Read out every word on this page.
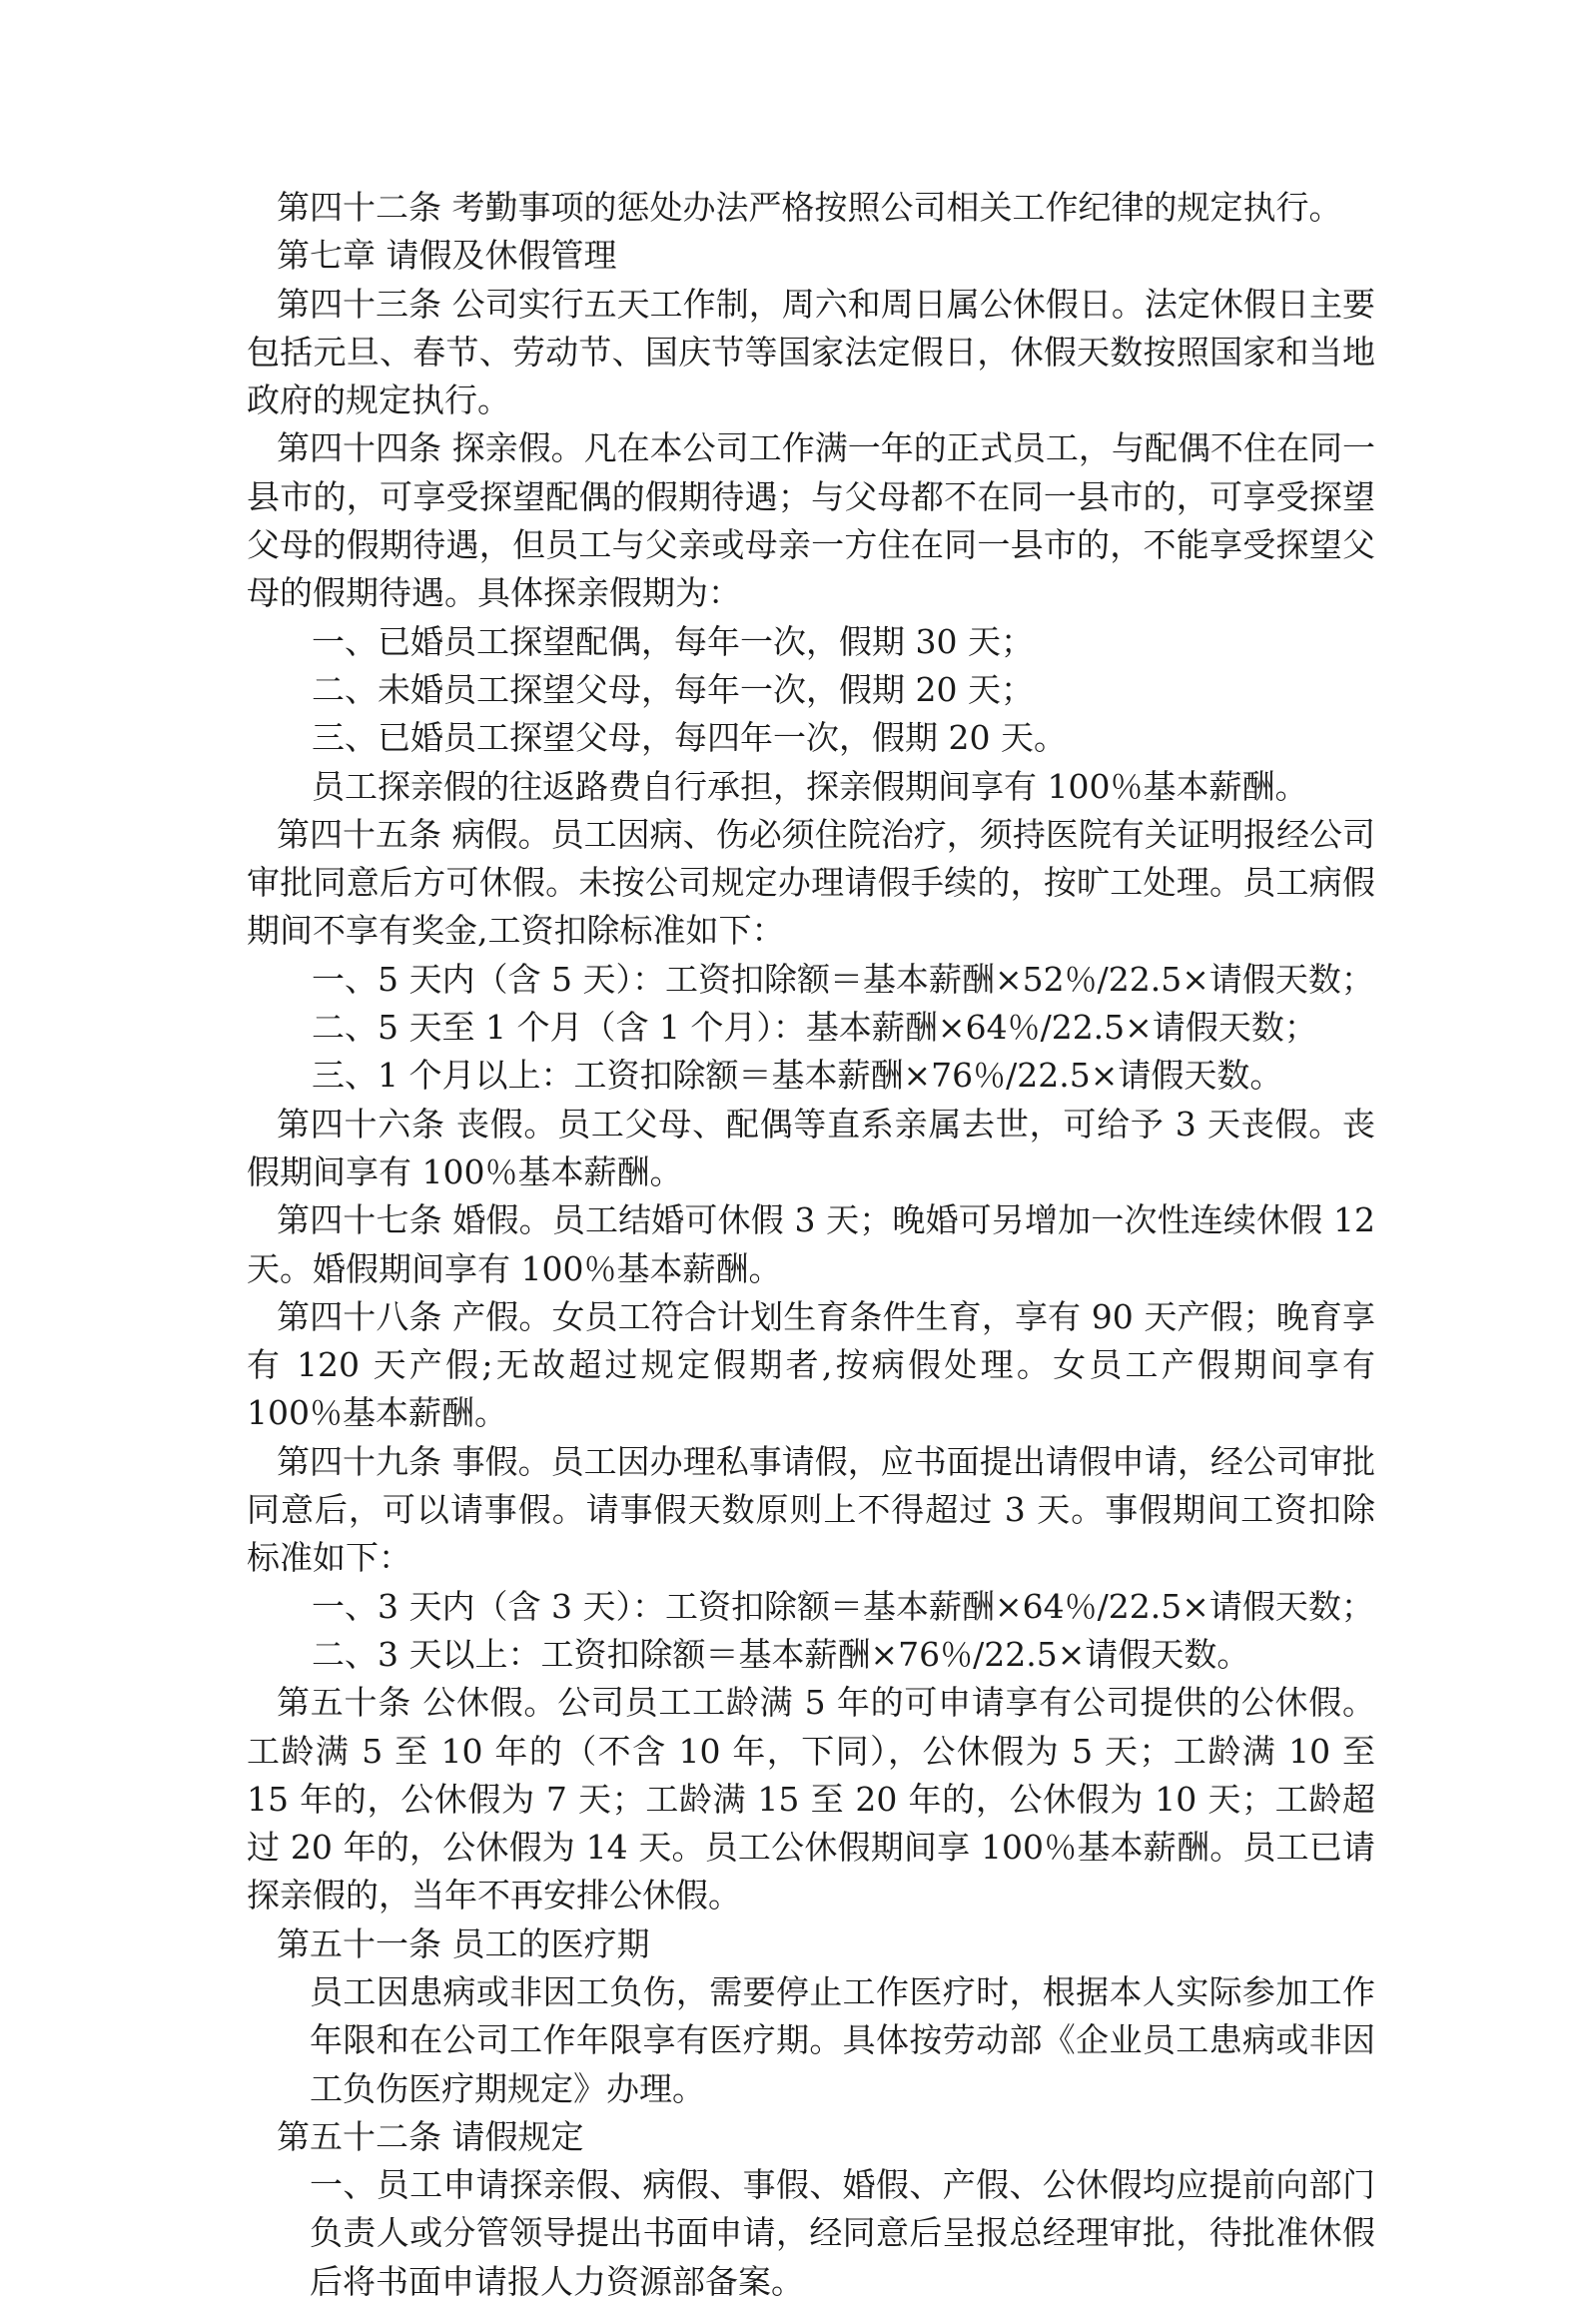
第四十二条 考勤事项的惩处办法严格按照公司相关工作纪律的规定执行。

第七章 请假及休假管理

第四十三条 公司实行五天工作制，周六和周日属公休假日。法定休假日主要包括元旦、春节、劳动节、国庆节等国家法定假日，休假天数按照国家和当地政府的规定执行。

第四十四条 探亲假。凡在本公司工作满一年的正式员工，与配偶不住在同一县市的，可享受探望配偶的假期待遇；与父母都不在同一县市的，可享受探望父母的假期待遇，但员工与父亲或母亲一方住在同一县市的，不能享受探望父母的假期待遇。具体探亲假期为：

一、已婚员工探望配偶，每年一次，假期 30 天；

二、未婚员工探望父母，每年一次，假期 20 天；

三、已婚员工探望父母，每四年一次，假期 20 天。

员工探亲假的往返路费自行承担，探亲假期间享有 100％基本薪酬。

第四十五条 病假。员工因病、伤必须住院治疗，须持医院有关证明报经公司审批同意后方可休假。未按公司规定办理请假手续的，按旷工处理。员工病假期间不享有奖金,工资扣除标准如下：

一、5 天内（含 5 天）：工资扣除额＝基本薪酬×52％/22.5×请假天数；

二、5 天至 1 个月（含 1 个月）：基本薪酬×64％/22.5×请假天数；

三、1 个月以上：工资扣除额＝基本薪酬×76％/22.5×请假天数。

第四十六条 丧假。员工父母、配偶等直系亲属去世，可给予 3 天丧假。丧假期间享有 100％基本薪酬。

第四十七条 婚假。员工结婚可休假 3 天；晚婚可另增加一次性连续休假 12 天。婚假期间享有 100％基本薪酬。

第四十八条 产假。女员工符合计划生育条件生育，享有 90 天产假；晚育享有 120 天产假;无故超过规定假期者,按病假处理。女员工产假期间享有 100％基本薪酬。

第四十九条 事假。员工因办理私事请假，应书面提出请假申请，经公司审批同意后，可以请事假。请事假天数原则上不得超过 3 天。事假期间工资扣除标准如下：

一、3 天内（含 3 天）：工资扣除额＝基本薪酬×64％/22.5×请假天数；

二、3 天以上：工资扣除额＝基本薪酬×76％/22.5×请假天数。

第五十条 公休假。公司员工工龄满 5 年的可申请享有公司提供的公休假。工龄满 5 至 10 年的（不含 10 年，下同），公休假为 5 天；工龄满 10 至 15 年的，公休假为 7 天；工龄满 15 至 20 年的，公休假为 10 天；工龄超过 20 年的，公休假为 14 天。员工公休假期间享 100％基本薪酬。员工已请探亲假的，当年不再安排公休假。

第五十一条 员工的医疗期

员工因患病或非因工负伤，需要停止工作医疗时，根据本人实际参加工作年限和在公司工作年限享有医疗期。具体按劳动部《企业员工患病或非因工负伤医疗期规定》办理。

第五十二条 请假规定

一、员工申请探亲假、病假、事假、婚假、产假、公休假均应提前向部门负责人或分管领导提出书面申请，经同意后呈报总经理审批，待批准休假后将书面申请报人力资源部备案。
